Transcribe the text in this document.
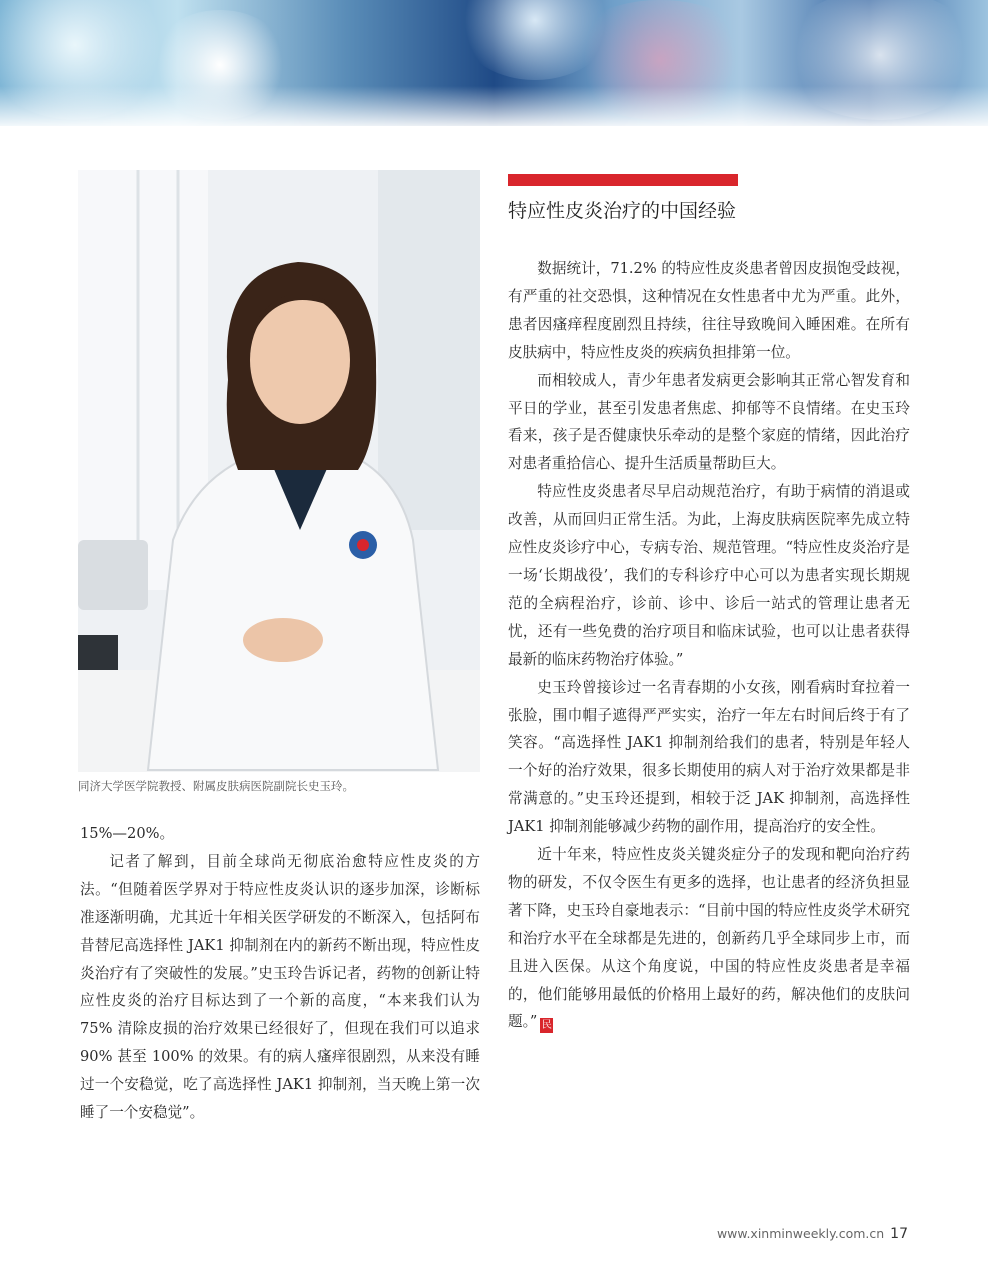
同济大学医学院教授、附属皮肤病医院副院长史玉玲。
特应性皮炎治疗的中国经验

数据统计，71.2% 的特应性皮炎患者曾因皮损饱受歧视，有严重的社交恐惧，这种情况在女性患者中尤为严重。此外，患者因瘙痒程度剧烈且持续，往往导致晚间入睡困难。在所有皮肤病中，特应性皮炎的疾病负担排第一位。

而相较成人，青少年患者发病更会影响其正常心智发育和平日的学业，甚至引发患者焦虑、抑郁等不良情绪。在史玉玲看来，孩子是否健康快乐牵动的是整个家庭的情绪，因此治疗对患者重拾信心、提升生活质量帮助巨大。

特应性皮炎患者尽早启动规范治疗，有助于病情的消退或改善，从而回归正常生活。为此，上海皮肤病医院率先成立特应性皮炎诊疗中心，专病专治、规范管理。“特应性皮炎治疗是一场‘长期战役’，我们的专科诊疗中心可以为患者实现长期规范的全病程治疗，诊前、诊中、诊后一站式的管理让患者无忧，还有一些免费的治疗项目和临床试验，也可以让患者获得最新的临床药物治疗体验。”

史玉玲曾接诊过一名青春期的小女孩，刚看病时耷拉着一张脸，围巾帽子遮得严严实实，治疗一年左右时间后终于有了笑容。“高选择性 JAK1 抑制剂给我们的患者，特别是年轻人一个好的治疗效果，很多长期使用的病人对于治疗效果都是非常满意的。”史玉玲还提到，相较于泛 JAK 抑制剂，高选择性 JAK1 抑制剂能够减少药物的副作用，提高治疗的安全性。

近十年来，特应性皮炎关键炎症分子的发现和靶向治疗药物的研发，不仅令医生有更多的选择，也让患者的经济负担显著下降，史玉玲自豪地表示：“目前中国的特应性皮炎学术研究和治疗水平在全球都是先进的，创新药几乎全球同步上市，而且进入医保。从这个角度说，中国的特应性皮炎患者是幸福的，他们能够用最低的价格用上最好的药，解决他们的皮肤问题。” 民

15%—20%。

记者了解到，目前全球尚无彻底治愈特应性皮炎的方法。“但随着医学界对于特应性皮炎认识的逐步加深，诊断标准逐渐明确，尤其近十年相关医学研发的不断深入，包括阿布昔替尼高选择性 JAK1 抑制剂在内的新药不断出现，特应性皮炎治疗有了突破性的发展。”史玉玲告诉记者，药物的创新让特应性皮炎的治疗目标达到了一个新的高度，“本来我们认为 75% 清除皮损的治疗效果已经很好了，但现在我们可以追求 90% 甚至 100% 的效果。有的病人瘙痒很剧烈，从来没有睡过一个安稳觉，吃了高选择性 JAK1 抑制剂，当天晚上第一次睡了一个安稳觉”。

www.xinminweekly.com.cn 17
